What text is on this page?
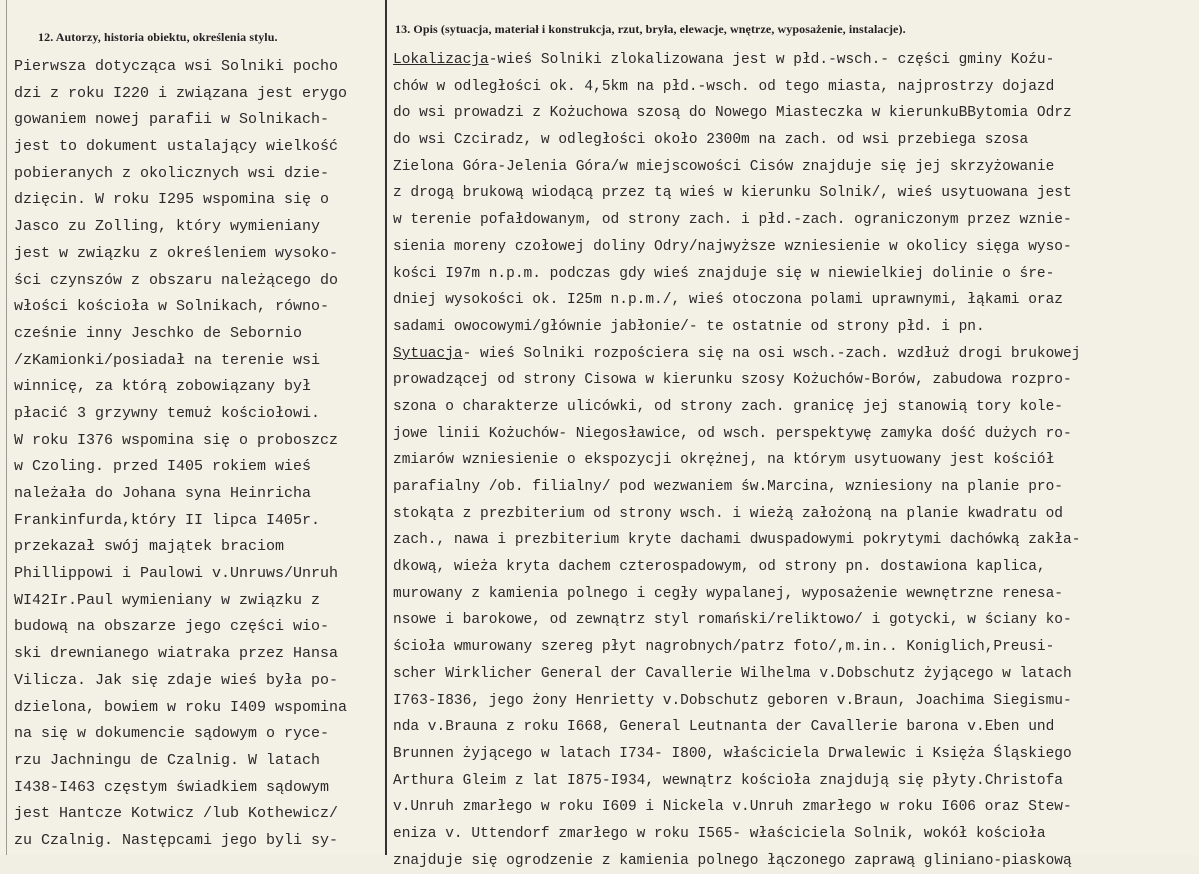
12. Autorzy, historia obiektu, określenia stylu.
Pierwsza dotycząca wsi Solniki pocho
dzi z roku I220 i związana jest erygo
gowaniem nowej parafii w Solnikach-
jest to dokument ustalający wielkość
pobieranych z okolicznych wsi dzie-
dzięcin. W roku I295 wspomina się o
Jasco zu Zolling, który wymieniany
jest w związku z określeniem wysoko-
ści czynszów z obszaru należącego do
włości kościoła w Solnikach, równo-
cześnie inny Jeschko de Sebornio
/zKamionki/posiadał na terenie wsi
winnicę, za którą zobowiązany był
płacić 3 grzywny temuż kościołowi.
W roku I376 wspomina się o proboszcz
w Czoling. przed I405 rokiem wieś
należała do Johana syna Heinricha
Frankinfurda,który II lipca I405r.
przekazał swój majątek braciom
Phillippowi i Paulowi v.Unruws/Unruh
WI42Ir.Paul wymieniany w związku z
budową na obszarze jego części wio-
ski drewnianego wiatraka przez Hansa
Vilicza. Jak się zdaje wieś była po-
dzielona, bowiem w roku I409 wspomina
na się w dokumencie sądowym o ryce-
rzu Jachningu de Czalnig. W latach
I438-I463 częstym świadkiem sądowym
jest Hantcze Kotwicz /lub Kothewicz/
zu Czalnig. Następcami jego byli sy-
13. Opis (sytuacja, materiał i konstrukcja, rzut, bryła, elewacje, wnętrze, wyposażenie, instalacje).
Lokalizacja-wieś Solniki zlokalizowana jest w płd.-wsch.- części gminy Koźu-
chów w odległości ok. 4,5km na płd.-wsch. od tego miasta, najprostrzy dojazd
do wsi prowadzi z Kożuchowa szosą do Nowego Miasteczka w kierunkuBBytomia Odrz
do wsi Czciradz, w odległości około 2300m na zach. od wsi przebiega szosa
Zielona Góra-Jelenia Góra/w miejscowości Cisów znajduje się jej skrzyżowanie
z drogą brukową wiodącą przez tą wieś w kierunku Solnik/, wieś usytuowana jest
w terenie pofałdowanym, od strony zach. i płd.-zach. ograniczonym przez wznie-
sienia moreny czołowej doliny Odry/najwyższe wzniesienie w okolicy sięga wyso-
kości I97m n.p.m. podczas gdy wieś znajduje się w niewielkiej dolinie o śre-
dniej wysokości ok. I25m n.p.m./, wieś otoczona polami uprawnymi, łąkami oraz
sadami owocowymi/głównie jabłonie/- te ostatnie od strony płd. i pn.
Sytuacja- wieś Solniki rozpościera się na osi wsch.-zach. wzdłuż drogi brukowej
prowadzącej od strony Cisowa w kierunku szosy Kożuchów-Borów, zabudowa rozpro-
szona o charakterze ulicówki, od strony zach. granicę jej stanowią tory kole-
jowe linii Kożuchów- Niegosławice, od wsch. perspektywę zamyka dość dużych ro-
zmiarów wzniesienie o ekspozycji okrężnej, na którym usytuowany jest kościół
parafialny /ob. filialny/ pod wezwaniem św.Marcina, wzniesiony na planie pro-
stokąta z prezbiterium od strony wsch. i wieżą założoną na planie kwadratu od
zach., nawa i prezbiterium kryte dachami dwuspadowymi pokrytymi dachówką zakła-
dkową, wieża kryta dachem czterospadowym, od strony pn. dostawiona kaplica,
murowany z kamienia polnego i cegły wypalanej, wyposażenie wewnętrzne renesa-
nsowe i barokowe, od zewnątrz styl romański/reliktowo/ i gotycki, w ściany ko-
ścioła wmurowany szereg płyt nagrobnych/patrz foto/,m.in.. Koniglich,Preusi-
scher Wirklicher General der Cavallerie Wilhelma v.Dobschutz żyjącego w latach
I763-I836, jego żony Henrietty v.Dobschutz geboren v.Braun, Joachima Siegismu-
nda v.Brauna z roku I668, General Leutnanta der Cavallerie barona v.Eben und
Brunnen żyjącego w latach I734- I800, właściciela Drwalewic i Księża Śląskiego
Arthura Gleim z lat I875-I934, wewnątrz kościoła znajdują się płyty.Christofa
v.Unruh zmarłego w roku I609 i Nickela v.Unruh zmarłego w roku I606 oraz Stew-
eniza v. Uttendorf zmarłego w roku I565- właściciela Solnik, wokół kościoła
znajduje się ogrodzenie z kamienia polnego łączonego zaprawą gliniano-piaskową
